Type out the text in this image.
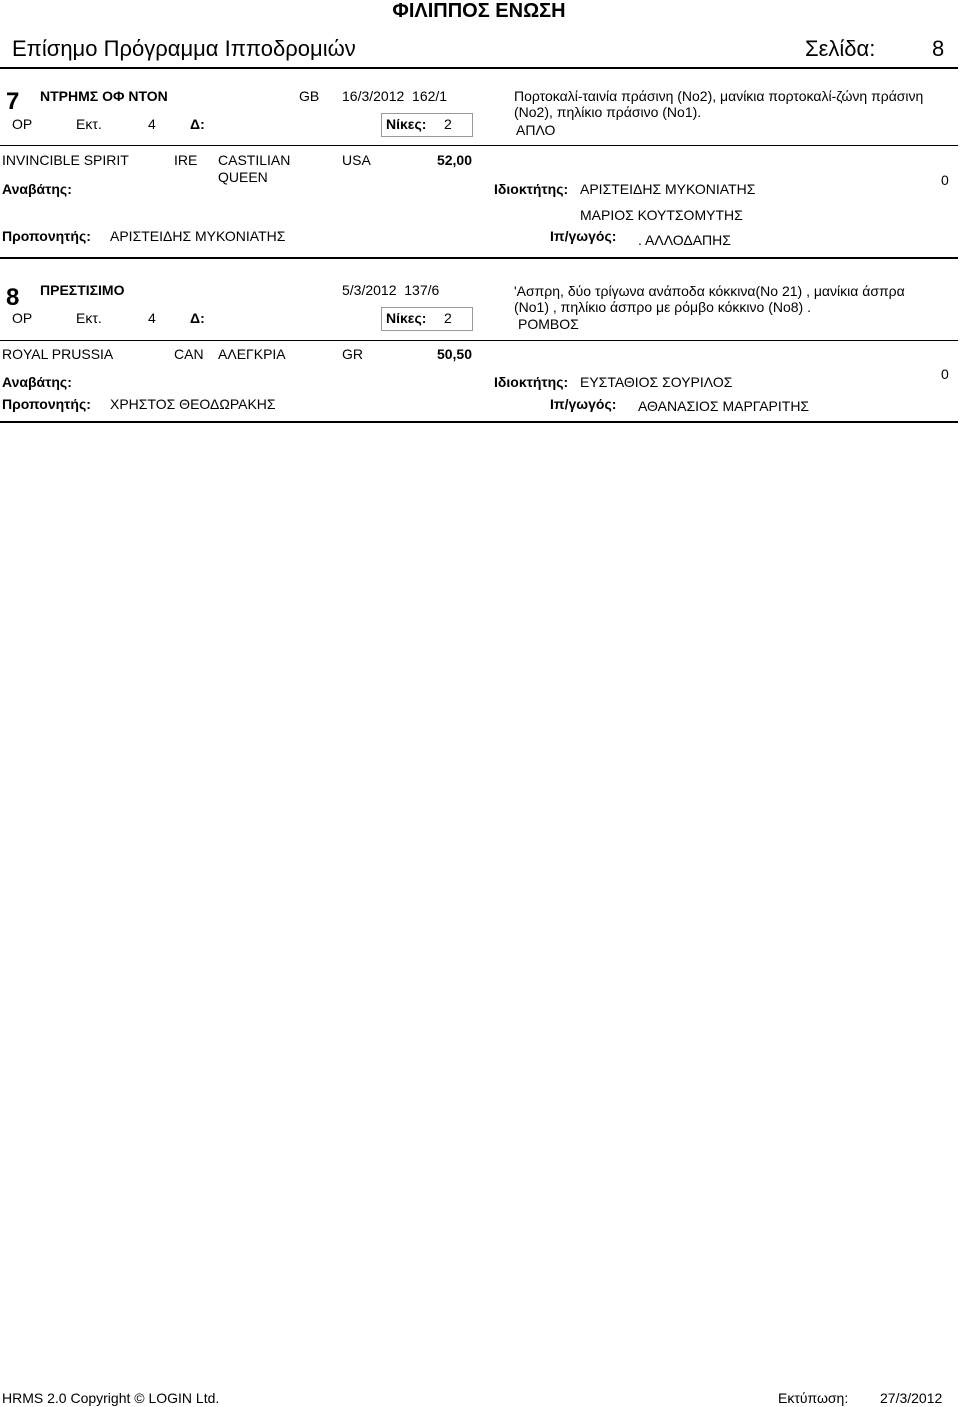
ΦΙΛΙΠΠΟΣ ΕΝΩΣΗ
Επίσημο Πρόγραμμα Ιπποδρομιών	Σελίδα:	8
7 ΝΤΡΗΜΣ ΟΦ ΝΤΟΝ	GB 16/3/2012  162/1
ΟΡ	Εκτ.	4 Δ:	Νίκες: 2
Πορτοκαλί-ταινία πράσινη (Νο2), μανίκια πορτοκαλί-ζώνη πράσινη
(Νο2), πηλίκιο πράσινο (Νο1).
ΑΠΛΟ
INVINCIBLE SPIRIT	IRE CASTILIAN
QUEEN
USA	52,00
Αναβάτης:	Ιδιοκτήτης: ΑΡΙΣΤΕΙΔΗΣ ΜΥΚΟΝΙΑΤΗΣ
0
ΜΑΡΙΟΣ ΚΟΥΤΣΟΜΥΤΗΣ
Προπονητής: ΑΡΙΣΤΕΙΔΗΣ ΜΥΚΟΝΙΑΤΗΣ	Ιπ/γωγός: . ΑΛΛΟΔΑΠΗΣ
8 ΠΡΕΣΤΙΣΙΜΟ	5/3/2012  137/6
ΟΡ	Εκτ.	4 Δ:	Νίκες: 2
'Ασπρη, δύο τρίγωνα ανάποδα κόκκινα(Νο 21) , μανίκια άσπρα
(Νο1) , πηλίκιο άσπρο με ρόμβο κόκκινο (Νο8) .
ΡΟΜΒΟΣ
ROYAL PRUSSIA	CAN ΑΛΕΓΚΡΙΑ	GR	50,50
Αναβάτης:	Ιδιοκτήτης: ΕΥΣΤΑΘΙΟΣ ΣΟΥΡΙΛΟΣ	0
Προπονητής: ΧΡΗΣΤΟΣ ΘΕΟΔΩΡΑΚΗΣ	Ιπ/γωγός: ΑΘΑΝΑΣΙΟΣ ΜΑΡΓΑΡΙΤΗΣ
HRMS 2.0 Copyright © LOGIN Ltd.	Εκτύπωση: 27/3/2012
